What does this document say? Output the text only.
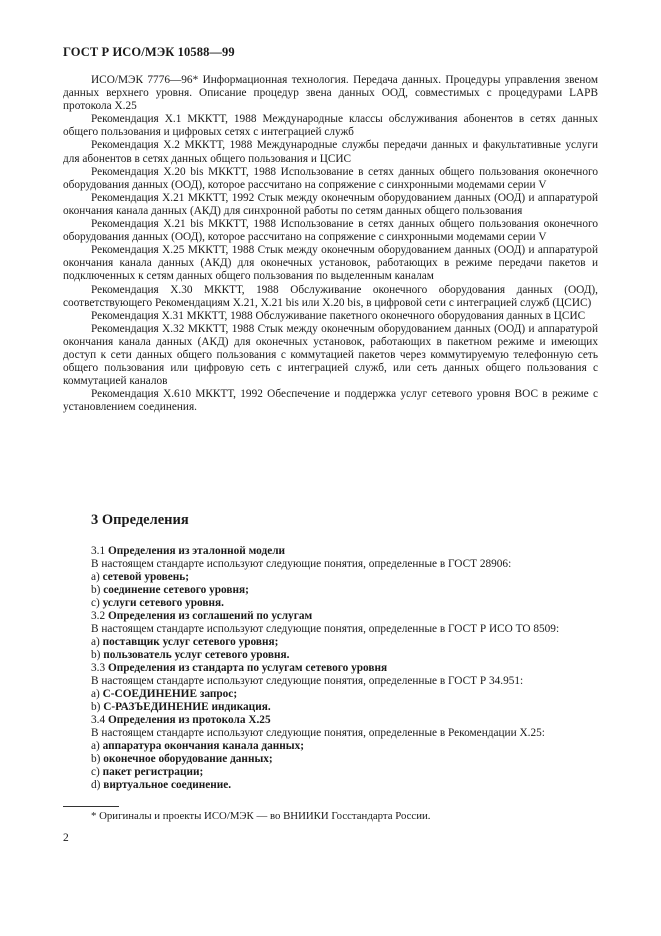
ГОСТ Р ИСО/МЭК 10588—99

ИСО/МЭК 7776—96* Информационная технология. Передача данных. Процедуры управления звеном данных верхнего уровня. Описание процедур звена данных ООД, совместимых с процедурами LAPB протокола Х.25

Рекомендация Х.1 МККТТ, 1988 Международные классы обслуживания абонентов в сетях данных общего пользования и цифровых сетях с интеграцией служб

Рекомендация Х.2 МККТТ, 1988 Международные службы передачи данных и факультативные услуги для абонентов в сетях данных общего пользования и ЦСИС

Рекомендация Х.20 bis МККТТ, 1988 Использование в сетях данных общего пользования оконечного оборудования данных (ООД), которое рассчитано на сопряжение с синхронными модемами серии V

Рекомендация Х.21 МККТТ, 1992 Стык между оконечным оборудованием данных (ООД) и аппаратурой окончания канала данных (АКД) для синхронной работы по сетям данных общего пользования

Рекомендация Х.21 bis МККТТ, 1988 Использование в сетях данных общего пользования оконечного оборудования данных (ООД), которое рассчитано на сопряжение с синхронными модемами серии V

Рекомендация Х.25 МККТТ, 1988 Стык между оконечным оборудованием данных (ООД) и аппаратурой окончания канала данных (АКД) для оконечных установок, работающих в режиме передачи пакетов и подключенных к сетям данных общего пользования по выделенным каналам

Рекомендация Х.30 МККТТ, 1988 Обслуживание оконечного оборудования данных (ООД), соответствующего Рекомендациям Х.21, Х.21 bis или Х.20 bis, в цифровой сети с интеграцией служб (ЦСИС)

Рекомендация Х.31 МККТТ, 1988 Обслуживание пакетного оконечного оборудования данных в ЦСИС

Рекомендация Х.32 МККТТ, 1988 Стык между оконечным оборудованием данных (ООД) и аппаратурой окончания канала данных (АКД) для оконечных установок, работающих в пакетном режиме и имеющих доступ к сети данных общего пользования с коммутацией пакетов через коммутируемую телефонную сеть общего пользования или цифровую сеть с интеграцией служб, или сеть данных общего пользования с коммутацией каналов

Рекомендация Х.610 МККТТ, 1992 Обеспечение и поддержка услуг сетевого уровня ВОС в режиме с установлением соединения.

3 Определения
3.1 Определения из эталонной модели
В настоящем стандарте используют следующие понятия, определенные в ГОСТ 28906:
a) сетевой уровень;
b) соединение сетевого уровня;
c) услуги сетевого уровня.
3.2 Определения из соглашений по услугам
В настоящем стандарте используют следующие понятия, определенные в ГОСТ Р ИСО ТО 8509:
a) поставщик услуг сетевого уровня;
b) пользователь услуг сетевого уровня.
3.3 Определения из стандарта по услугам сетевого уровня
В настоящем стандарте используют следующие понятия, определенные в ГОСТ Р 34.951:
a) С-СОЕДИНЕНИЕ запрос;
b) С-РАЗЪЕДИНЕНИЕ индикация.
3.4 Определения из протокола Х.25
В настоящем стандарте используют следующие понятия, определенные в Рекомендации Х.25:
a) аппаратура окончания канала данных;
b) оконечное оборудование данных;
c) пакет регистрации;
d) виртуальное соединение.
* Оригиналы и проекты ИСО/МЭК — во ВНИИКИ Госстандарта России.
2
